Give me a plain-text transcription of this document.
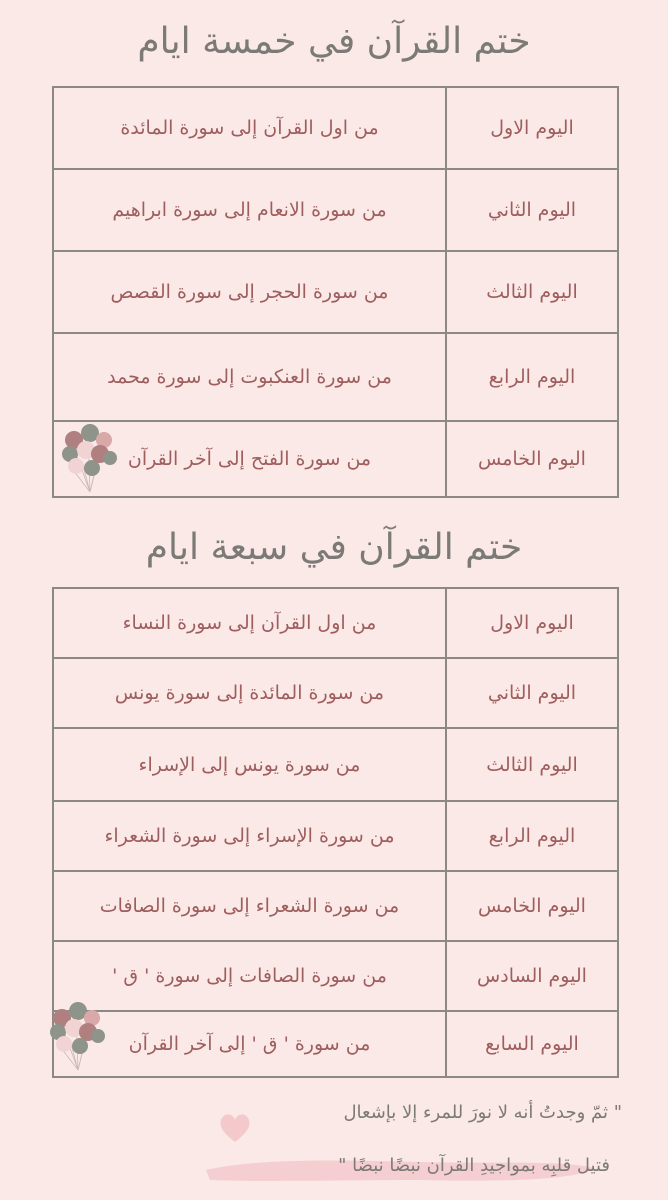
ختم القرآن في خمسة ايام
اليوم الاول	من اول القرآن إلى سورة المائدة
اليوم الثاني	من سورة الانعام إلى سورة ابراهيم
اليوم الثالث	من سورة الحجر إلى سورة القصص
اليوم الرابع	من سورة العنكبوت إلى سورة محمد
اليوم الخامس	من سورة الفتح إلى آخر القرآن
ختم القرآن في سبعة ايام
اليوم الاول	من اول القرآن إلى سورة النساء
اليوم الثاني	من سورة المائدة إلى سورة يونس
اليوم الثالث	من سورة يونس إلى الإسراء
اليوم الرابع	من سورة الإسراء إلى سورة الشعراء
اليوم الخامس	من سورة الشعراء إلى سورة الصافات
اليوم السادس	من سورة الصافات إلى سورة ' ق '
اليوم السابع	من سورة ' ق ' إلى آخر القرآن

" ثمّ وجدتُ أنه لا نورَ للمرء إلا بإشعال

فتيل قلبِه بمواجيدِ القرآن نبضًا نبضًا "
